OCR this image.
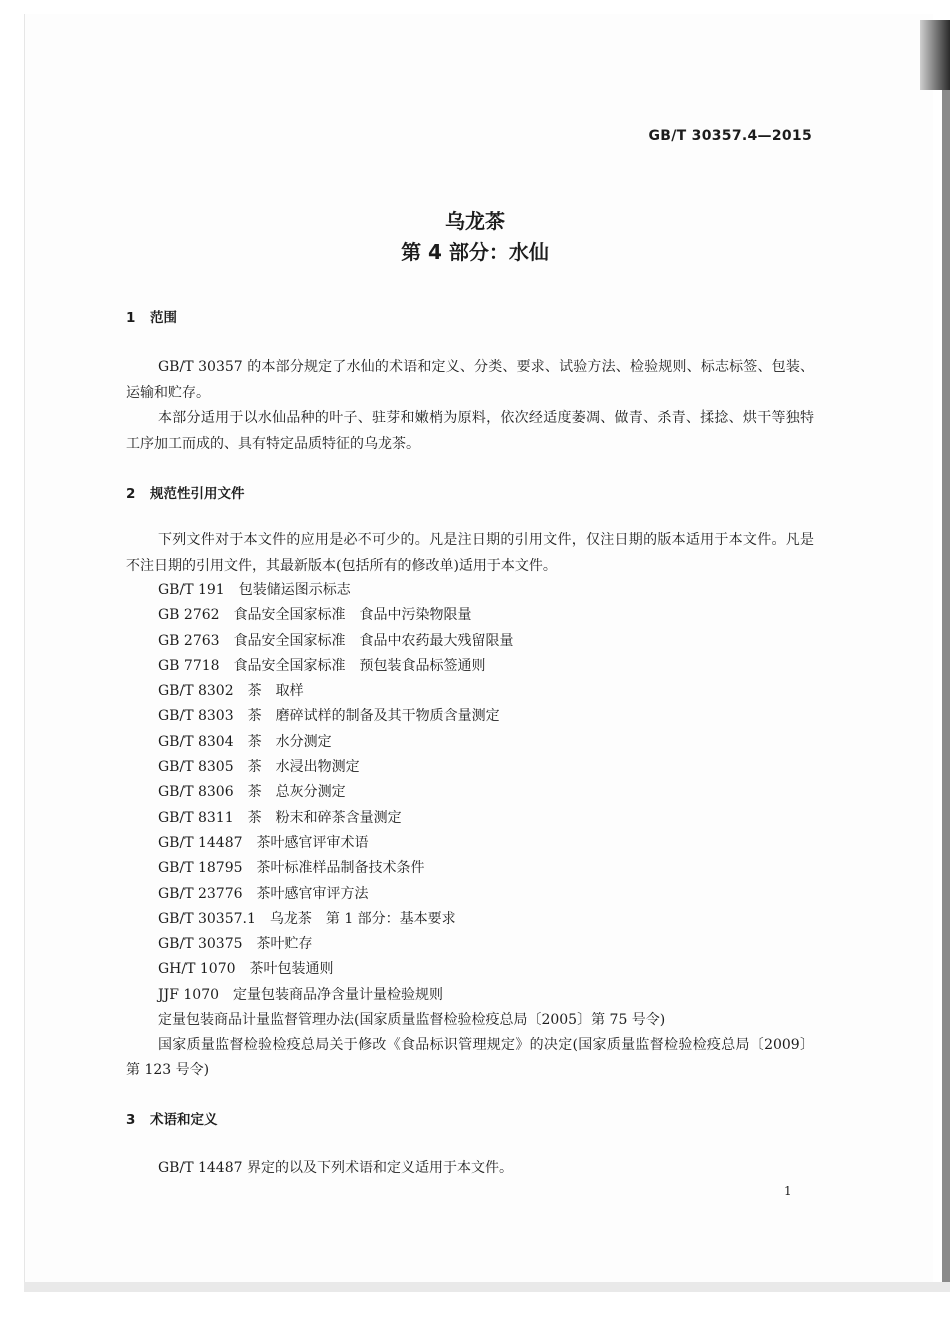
GB/T 30357.4—2015
乌龙茶
第 4 部分：水仙
1 范围
GB/T 30357 的本部分规定了水仙的术语和定义、分类、要求、试验方法、检验规则、标志标签、包装、运输和贮存。
本部分适用于以水仙品种的叶子、驻芽和嫩梢为原料，依次经适度萎凋、做青、杀青、揉捻、烘干等独特工序加工而成的、具有特定品质特征的乌龙茶。
2 规范性引用文件
下列文件对于本文件的应用是必不可少的。凡是注日期的引用文件，仅注日期的版本适用于本文件。凡是不注日期的引用文件，其最新版本(包括所有的修改单)适用于本文件。
GB/T 191 包装储运图示标志
GB 2762 食品安全国家标准　食品中污染物限量
GB 2763 食品安全国家标准　食品中农药最大残留限量
GB 7718 食品安全国家标准　预包装食品标签通则
GB/T 8302 茶　取样
GB/T 8303 茶　磨碎试样的制备及其干物质含量测定
GB/T 8304 茶　水分测定
GB/T 8305 茶　水浸出物测定
GB/T 8306 茶　总灰分测定
GB/T 8311 茶　粉末和碎茶含量测定
GB/T 14487 茶叶感官评审术语
GB/T 18795 茶叶标准样品制备技术条件
GB/T 23776 茶叶感官审评方法
GB/T 30357.1 乌龙茶　第 1 部分：基本要求
GB/T 30375 茶叶贮存
GH/T 1070 茶叶包装通则
JJF 1070 定量包装商品净含量计量检验规则
定量包装商品计量监督管理办法(国家质量监督检验检疫总局〔2005〕第 75 号令)
国家质量监督检验检疫总局关于修改《食品标识管理规定》的决定(国家质量监督检验检疫总局〔2009〕第 123 号令)
3 术语和定义
GB/T 14487 界定的以及下列术语和定义适用于本文件。
1
